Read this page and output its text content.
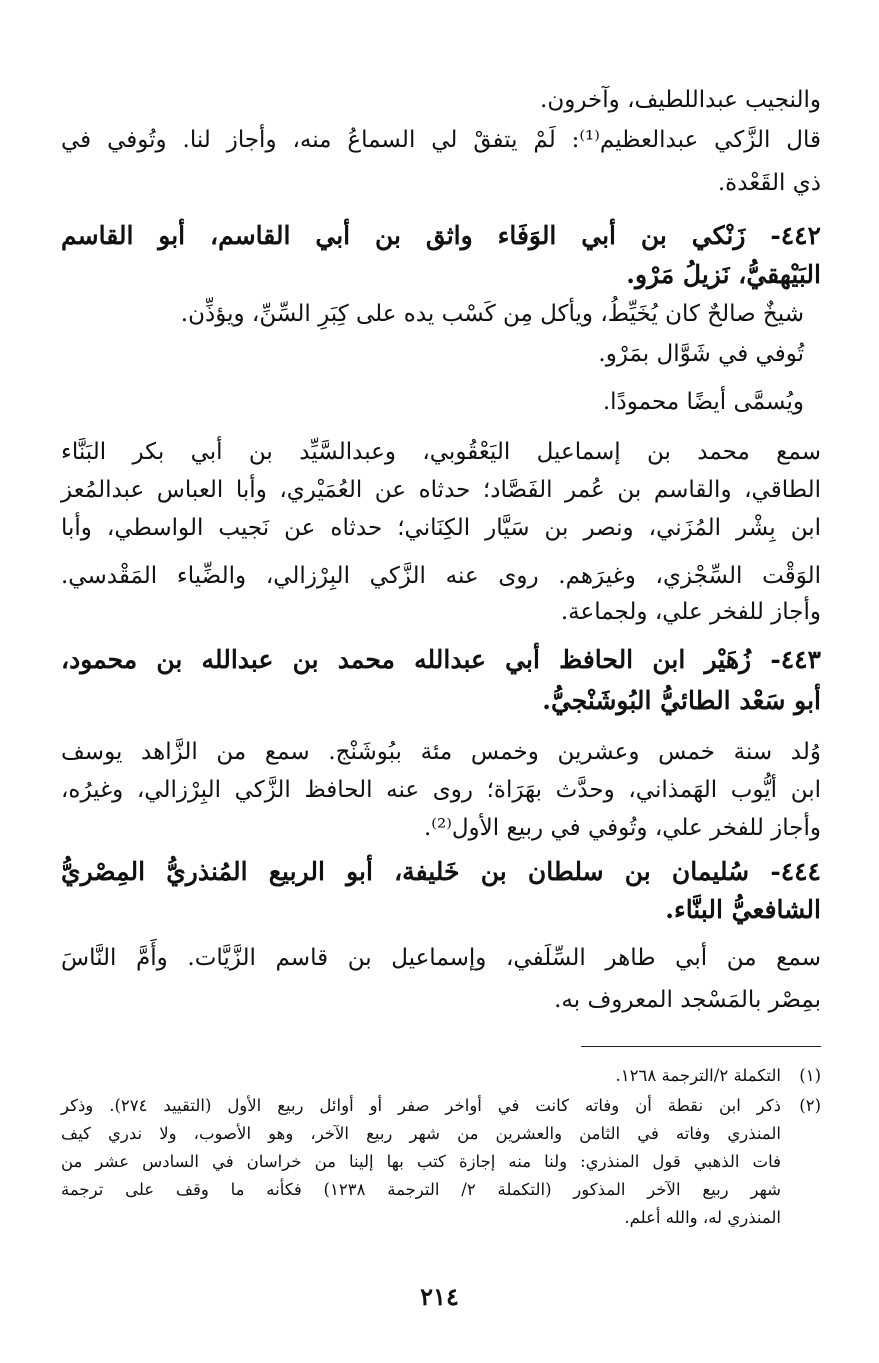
والنجيب عبداللطيف، وآخرون.
قال الزَّكي عبدالعظيم⁽¹⁾: لَمْ يتفقْ لي السماعُ منه، وأجاز لنا. وتُوفي في
ذي القَعْدة.
٤٤٢- زَنْكي بن أبي الوَفَاء واثق بن أبي القاسم، أبو القاسم
البَيْهقيُّ، نَزيلُ مَرْو.
شيخٌ صالحٌ كان يُخَيِّطُ، ويأكل مِن كَسْب يده على كِبَرِ السِّنِّ، ويؤذِّن.
تُوفي في شَوَّال بمَرْو.
ويُسمَّى أيضًا محمودًا.
سمع محمد بن إسماعيل اليَعْقُوبي، وعبدالسَّيِّد بن أبي بكر البَنَّاء
الطاقي، والقاسم بن عُمر الفَصَّاد؛ حدثاه عن العُمَيْري، وأبا العباس عبدالمُعز
ابن بِشْر المُزَني، ونصر بن سَيَّار الكِنَاني؛ حدثاه عن نَجيب الواسطي، وأبا
الوَقْت السِّجْزي، وغيرَهم. روى عنه الزَّكي البِرْزالي، والضِّياء المَقْدسي.
وأجاز للفخر علي، ولجماعة.
٤٤٣- زُهَيْر ابن الحافظ أبي عبدالله محمد بن عبدالله بن محمود،
أبو سَعْد الطائيُّ البُوشَنْجيُّ.
وُلد سنة خمس وعشرين وخمس مئة ببُوشَنْج. سمع من الزَّاهد يوسف
ابن أيُّوب الهَمذاني، وحدَّث بهَرَاة؛ روى عنه الحافظ الزَّكي البِرْزالي، وغيرُه،
وأجاز للفخر علي، وتُوفي في ربيع الأول⁽²⁾.
٤٤٤- سُليمان بن سلطان بن خَليفة، أبو الربيع المُنذريُّ المِصْريُّ
الشافعيُّ البنَّاء.
سمع من أبي طاهر السِّلَفي، وإسماعيل بن قاسم الزَّيَّات. وأَمَّ النَّاسَ
بمِصْر بالمَسْجد المعروف به.
(١)
التكملة ٢/الترجمة ١٢٦٨.
(٢)
ذكر ابن نقطة أن وفاته كانت في أواخر صفر أو أوائل ربيع الأول (التقييد ٢٧٤). وذكر
المنذري وفاته في الثامن والعشرين من شهر ربيع الآخر، وهو الأصوب، ولا ندري كيف
فات الذهبي قول المنذري: ولنا منه إجازة كتب بها إلينا من خراسان في السادس عشر من
شهر ربيع الآخر المذكور (التكملة ٢/ الترجمة ١٢٣٨) فكأنه ما وقف على ترجمة
المنذري له، والله أعلم.
٢١٤
